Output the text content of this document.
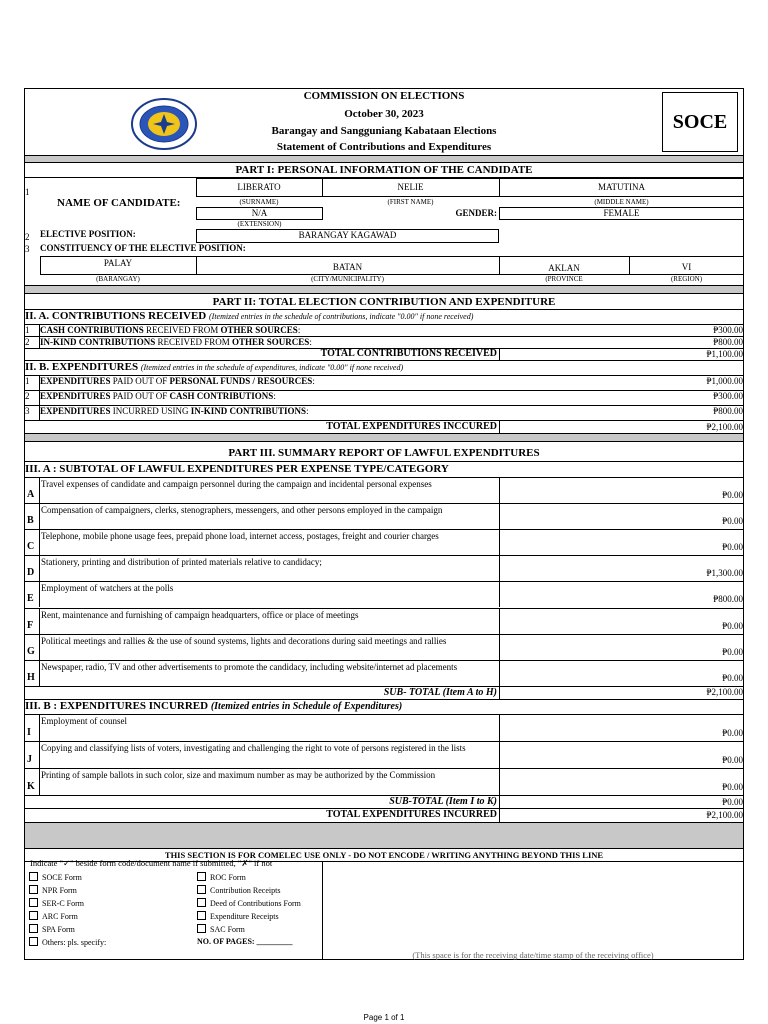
COMMISSION ON ELECTIONS
October 30, 2023
Barangay and Sangguniang Kabataan Elections
Statement of Contributions and Expenditures
SOCE
PART I: PERSONAL INFORMATION OF THE CANDIDATE
1
NAME OF CANDIDATE:
LIBERATO	NELIE	MATUTINA
(SURNAME)	(FIRST NAME)	(MIDDLE NAME)
N/A
(EXTENSION)
GENDER:	FEMALE
2 ELECTIVE POSITION:	BARANGAY KAGAWAD
3 CONSTITUENCY OF THE ELECTIVE POSITION:
PALAY	BATAN	AKLAN	VI
(BARANGAY)	(CITY/MUNICIPALITY)	(PROVINCE	(REGION)
PART II: TOTAL ELECTION CONTRIBUTION AND EXPENDITURE
II. A. CONTRIBUTIONS RECEIVED (Itemized entries in the schedule of contributions, indicate "0.00" if none received)
1 CASH CONTRIBUTIONS RECEIVED FROM OTHER SOURCES:	₱300.00
2 IN-KIND CONTRIBUTIONS RECEIVED FROM OTHER SOURCES:	₱800.00
TOTAL CONTRIBUTIONS RECEIVED	₱1,100.00
II. B. EXPENDITURES (Itemized entries in the schedule of expenditures, indicate "0.00" if none received)
1 EXPENDITURES PAID OUT OF PERSONAL FUNDS / RESOURCES:	₱1,000.00
2 EXPENDITURES PAID OUT OF CASH CONTRIBUTIONS:	₱300.00
3 EXPENDITURES INCURRED USING IN-KIND CONTRIBUTIONS:	₱800.00
TOTAL EXPENDITURES INCCURED	₱2,100.00
PART III. SUMMARY REPORT OF LAWFUL EXPENDITURES
III. A : SUBTOTAL OF LAWFUL EXPENDITURES PER EXPENSE TYPE/CATEGORY
A
Travel expenses of candidate and campaign personnel during the campaign and incidental personal expenses
₱0.00
B
Compensation of campaigners, clerks, stenographers, messengers, and other persons employed in the campaign
₱0.00
C
Telephone, mobile phone usage fees, prepaid phone load, internet access, postages, freight and courier charges
₱0.00
D
Stationery, printing and distribution of printed materials relative to candidacy;
₱1,300.00
E
Employment of watchers at the polls
₱800.00
F
Rent, maintenance and furnishing of campaign headquarters, office or place of meetings
₱0.00
G
Political meetings and rallies & the use of sound systems, lights and decorations during said meetings and rallies
₱0.00
H
Newspaper, radio, TV and other advertisements to promote the candidacy, including website/internet ad placements
₱0.00
SUB- TOTAL (Item A to H)	₱2,100.00
III. B : EXPENDITURES INCURRED (Itemized entries in Schedule of Expenditures)
I
Employment of counsel
₱0.00
J
Copying and classifying lists of voters, investigating and challenging the right to vote of persons registered in the lists
₱0.00
K
Printing of sample ballots in such color, size and maximum number as may be authorized by the Commission
₱0.00
SUB-TOTAL (Item I to K)	₱0.00
TOTAL EXPENDITURES INCURRED	₱2,100.00
THIS SECTION IS FOR COMELEC USE ONLY - DO NOT ENCODE / WRITING ANYTHING BEYOND THIS LINE
Indicate "✓" beside form code/document name if submitted, "✗" if not
SOCE Form
NPR Form
SER-C Form
ARC Form
SPA Form
Others: pls. specify:
ROC Form
Contribution Receipts
Deed of Contributions Form
Expenditure Receipts
SAC Form
NO. OF PAGES: _________
(This space is for the receiving date/time stamp of the receiving office)
Page 1 of 1
